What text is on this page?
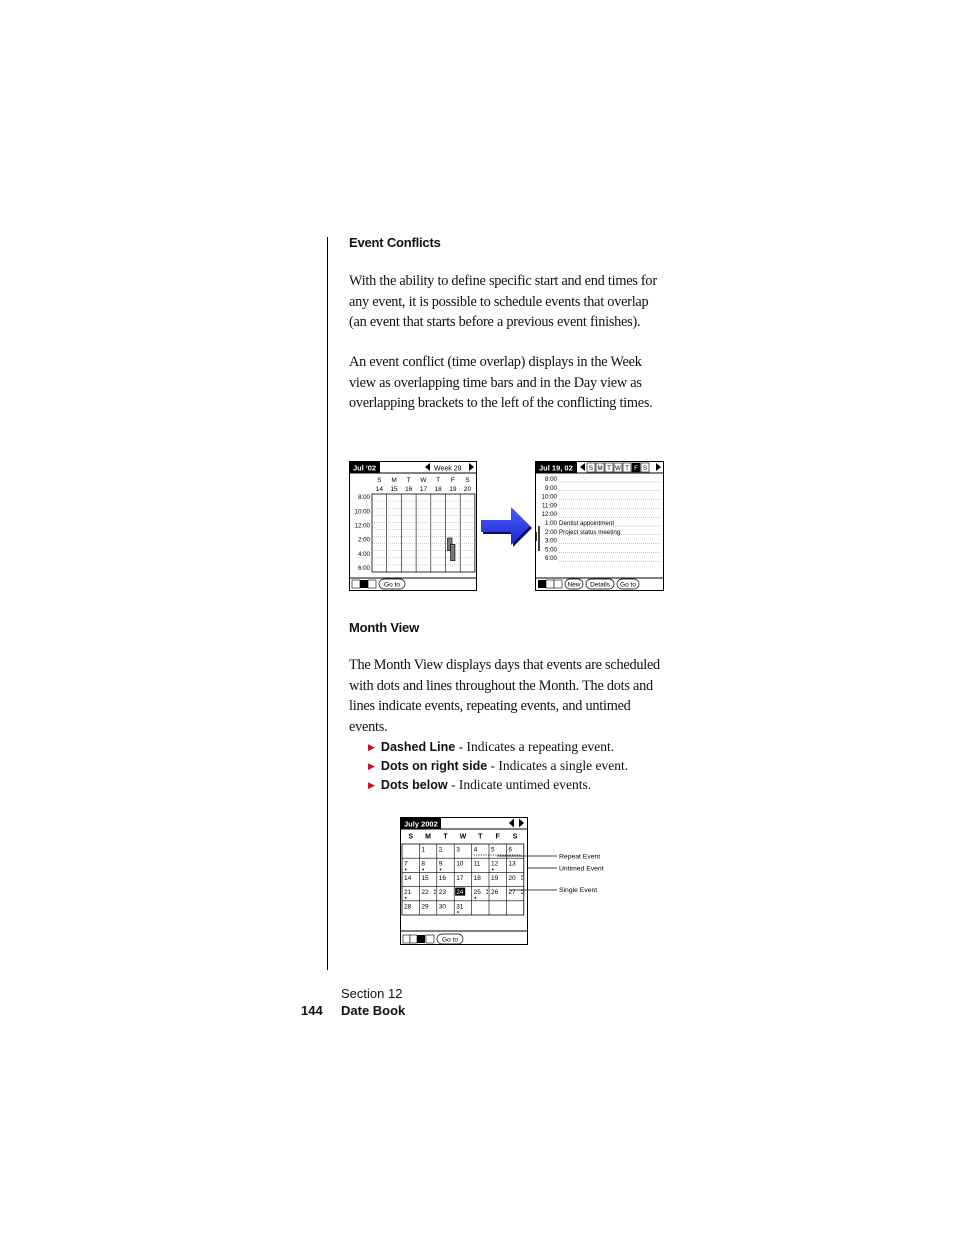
Event Conflicts

With the ability to define specific start and end times for any event, it is possible to schedule events that overlap (an event that starts before a previous event finishes).

An event conflict (time overlap) displays in the Week view as overlapping time bars and in the Day view as overlapping brackets to the left of the conflicting times.

Jul '02	Week 29
S
14
M
15
T
16
W
17
T
18
F
19
S
20
8:00
10:00
12:00
2:00
4:00
6:00
Go to
Jul 19, 02	S M T W T F S
8:00
9:00
10:00
11:00
12:00
1:00 Dentist appointment
2:00 Project status meeting
3:00
5:00
6:00
New Details Go to
Month View

The Month View displays days that events are scheduled with dots and lines throughout the Month. The dots and lines indicate events, repeating events, and untimed events.

▶ Dashed Line - Indicates a repeating event.
▶ Dots on right side - Indicates a single event.
▶ Dots below - Indicate untimed events.
July 2002
S M T W T F S
1 2 3 4 5 6
7 8 9 10 11 12 13
14 15 16 17 18 19 20
21 22 23 24 25 26 27
28 29 30 31
Go to
Repeat Event
Untimed Event
Single Event
Section 12
144 Date Book
